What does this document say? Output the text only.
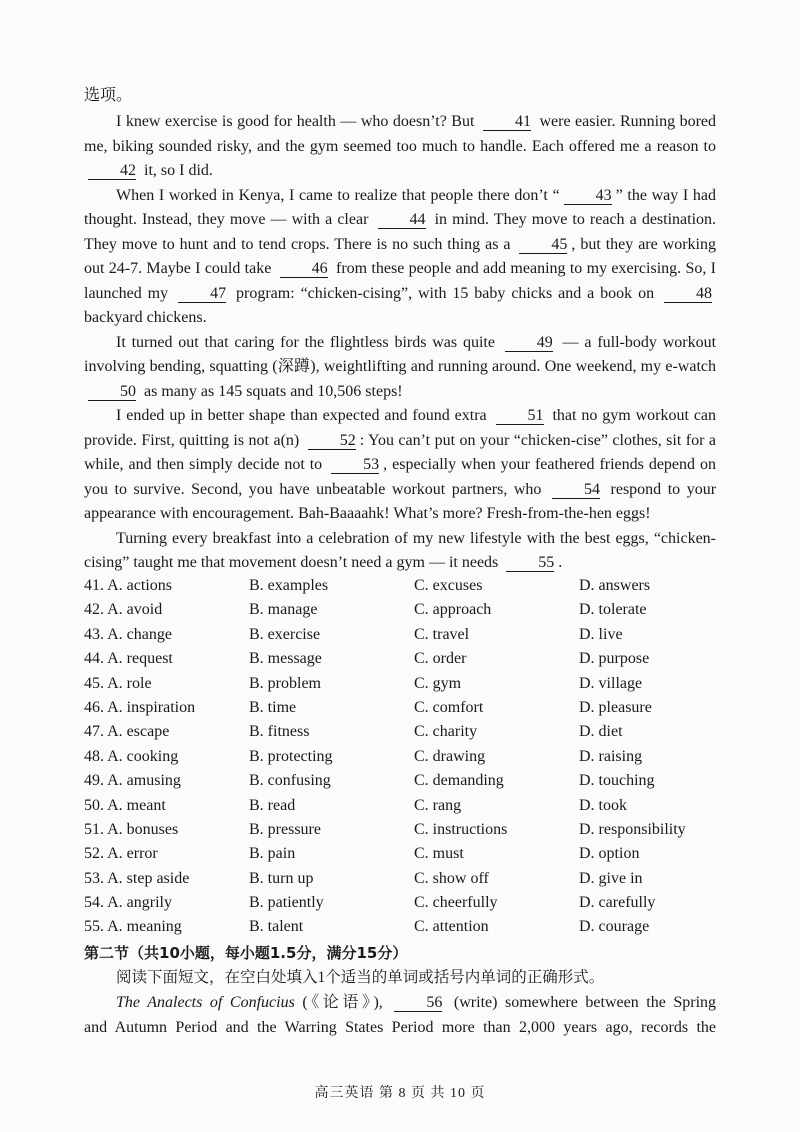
选项。

I knew exercise is good for health — who doesn’t? But	41 were easier. Running bored me, biking sounded risky, and the gym seemed too much to handle. Each offered me a reason to 42 it, so I did.

When I worked in Kenya, I came to realize that people there don’t “ 43 ” the way I had thought. Instead, they move — with a clear	44 in mind. They move to reach a destination. They move to hunt and to tend crops. There is no such thing as a	45 , but they are working out 24-7. Maybe I could take	46 from these people and add meaning to my exercising. So, I launched my	47 program: “chicken-cising”, with 15 baby chicks and a book on	48 backyard chickens.

It turned out that caring for the flightless birds was quite	49 — a full-body workout involving bending, squatting (深蹲), weightlifting and running around. One weekend, my e-watch 50 as many as 145 squats and 10,506 steps!

I ended up in better shape than expected and found extra	51 that no gym workout can provide. First, quitting is not a(n)	52 : You can’t put on your “chicken-cise” clothes, sit for a while, and then simply decide not to	53 , especially when your feathered friends depend on you to survive. Second, you have unbeatable workout partners, who	54 respond to your appearance with encouragement. Bah-Baaaahk! What’s more? Fresh-from-the-hen eggs!

Turning every breakfast into a celebration of my new lifestyle with the best eggs, “chicken-cising” taught me that movement doesn’t need a gym — it needs	55 .

41. A. actions	B. examples	C. excuses	D. answers
42. A. avoid	B. manage	C. approach	D. tolerate
43. A. change	B. exercise	C. travel	D. live
44. A. request	B. message	C. order	D. purpose
45. A. role	B. problem	C. gym	D. village
46. A. inspiration	B. time	C. comfort	D. pleasure
47. A. escape	B. fitness	C. charity	D. diet
48. A. cooking	B. protecting	C. drawing	D. raising
49. A. amusing	B. confusing	C. demanding	D. touching
50. A. meant	B. read	C. rang	D. took
51. A. bonuses	B. pressure	C. instructions	D. responsibility
52. A. error	B. pain	C. must	D. option
53. A. step aside	B. turn up	C. show off	D. give in
54. A. angrily	B. patiently	C. cheerfully	D. carefully
55. A. meaning	B. talent	C. attention	D. courage
第二节（共10小题，每小题1.5分，满分15分）
阅读下面短文，在空白处填入1个适当的单词或括号内单词的正确形式。

The Analects of Confucius (《论语》),	56 (write) somewhere between the Spring

and Autumn Period and the Warring States Period more than 2,000 years ago, records the

高三英语 第 8 页 共 10 页
